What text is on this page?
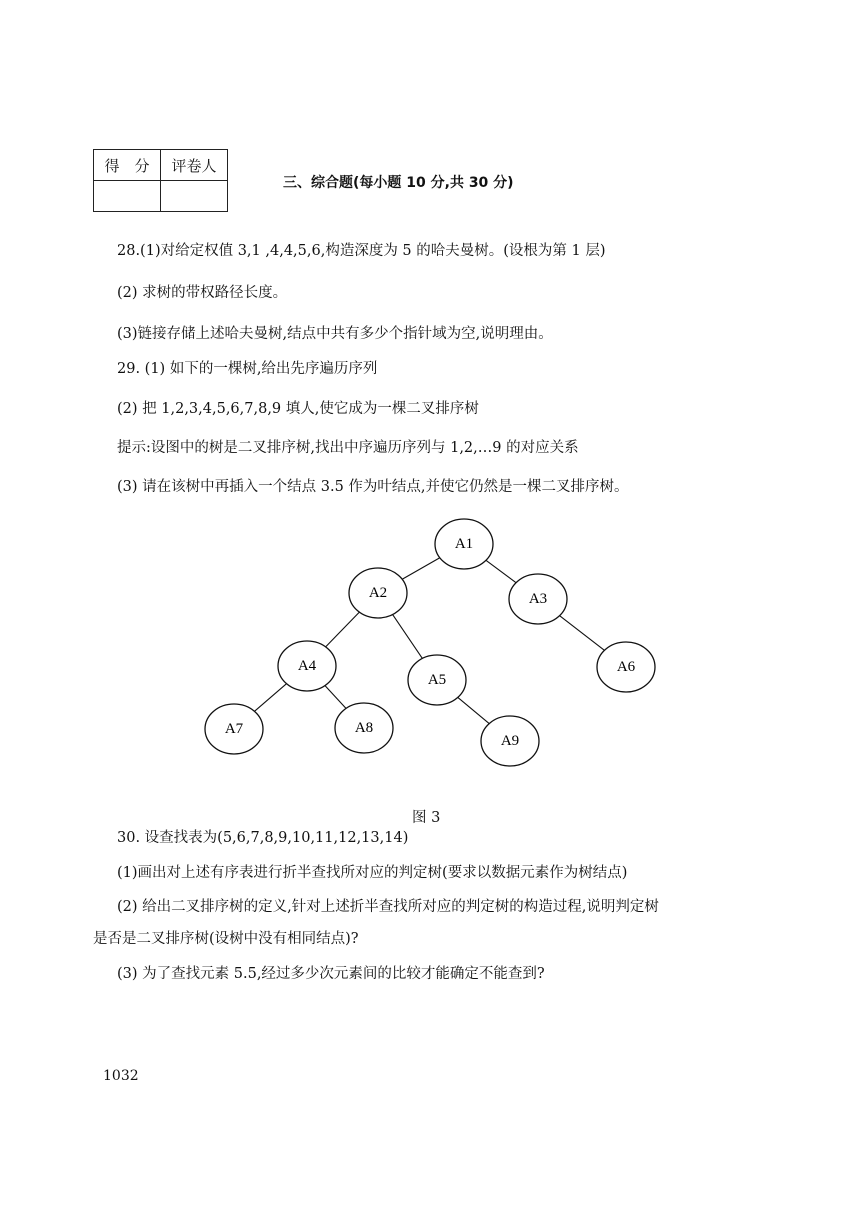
得　分	评卷人

三、综合题(每小题 10 分,共 30 分)
28.(1)对给定权值 3,1 ,4,4,5,6,构造深度为 5 的哈夫曼树。(设根为第 1 层)
(2) 求树的带权路径长度。
(3)链接存储上述哈夫曼树,结点中共有多少个指针域为空,说明理由。
29. (1) 如下的一棵树,给出先序遍历序列
(2) 把 1,2,3,4,5,6,7,8,9 填人,使它成为一棵二叉排序树
提示:设图中的树是二叉排序树,找出中序遍历序列与 1,2,…9 的对应关系
(3) 请在该树中再插入一个结点 3.5 作为叶结点,并使它仍然是一棵二叉排序树。
A1
A2	A3
A4
A5
A6
A7	A8
A9
图 3
30. 设查找表为(5,6,7,8,9,10,11,12,13,14)
(1)画出对上述有序表进行折半查找所对应的判定树(要求以数据元素作为树结点)
(2) 给出二叉排序树的定义,针对上述折半查找所对应的判定树的构造过程,说明判定树
是否是二叉排序树(设树中没有相同结点)?
(3) 为了查找元素 5.5,经过多少次元素间的比较才能确定不能查到?
1032
